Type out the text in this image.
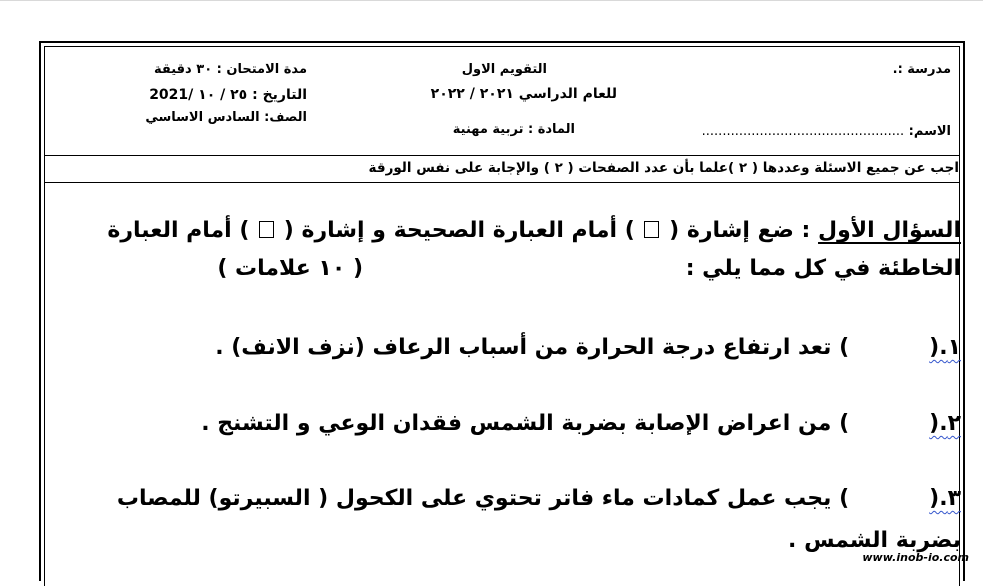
مدرسة :.
الاسم: .................................................
التقويم الاول
للعام الدراسي ٢٠٢١ / ٢٠٢٢
المادة : تربية مهنية
مدة الامتحان : ٣٠ دقيقة
التاريخ : ٢٥ / ١٠ /2021
الصف: السادس الاساسي
اجب عن جميع الاسئلة وعددها ( ٢ )علما بأن عدد الصفحات ( ٢ ) والإجابة على نفس الورقة
السؤال الأول : ضع إشارة (  ) أمام العبارة الصحيحة و إشارة (  ) أمام العبارة
الخاطئة في كل مما يلي :
( ١٠ علامات )
١.() تعد ارتفاع درجة الحرارة من أسباب الرعاف (نزف الانف) .
٢.() من اعراض الإصابة بضربة الشمس فقدان الوعي و التشنج .
٣.() يجب عمل كمادات ماء فاتر تحتوي على الكحول ( السبيرتو) للمصاب
بضربة الشمس .
www.inob-io.com
